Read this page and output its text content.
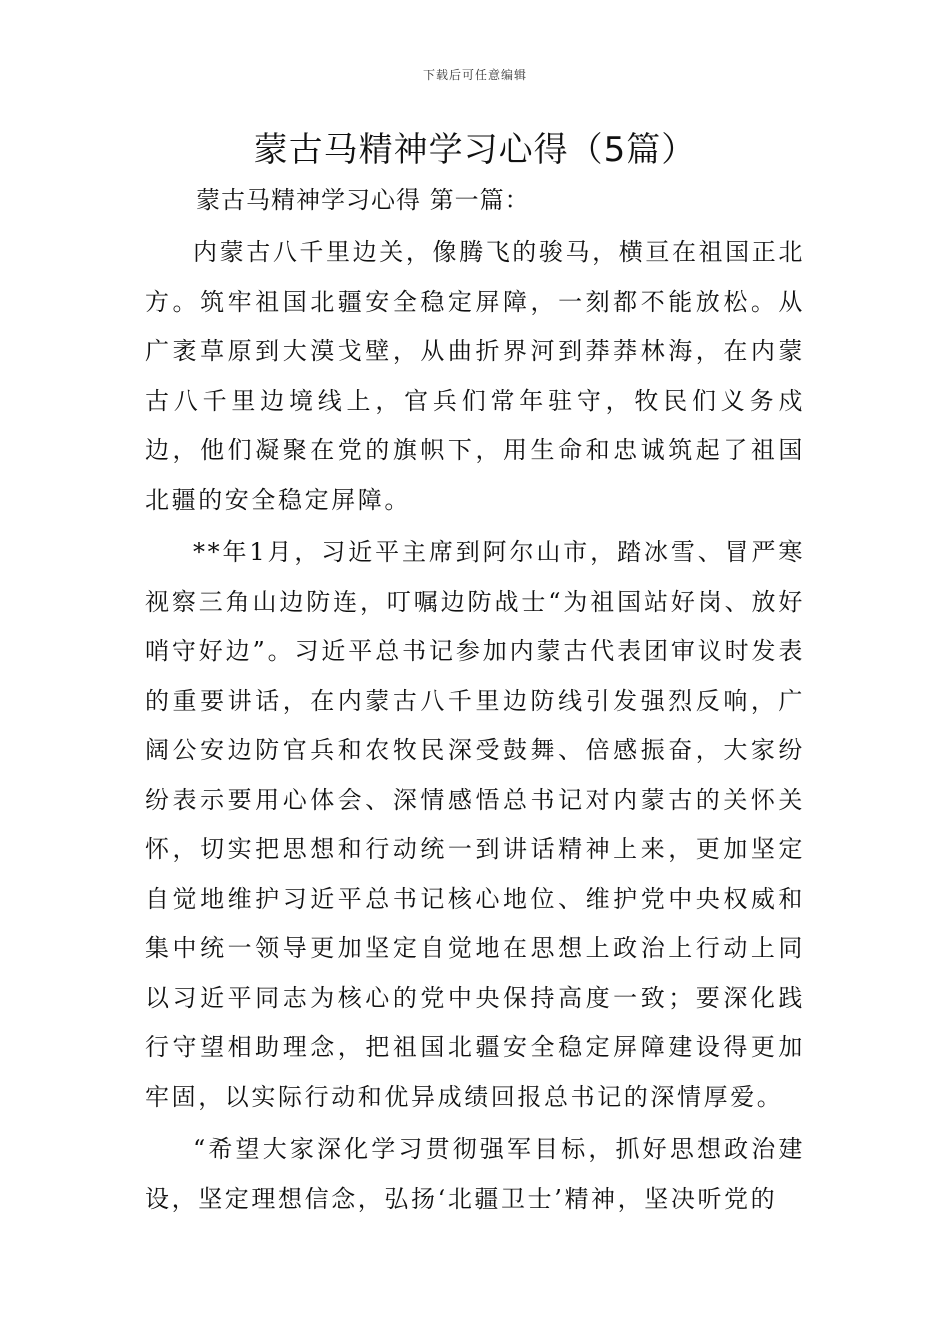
下载后可任意编辑
蒙古马精神学习心得（5篇）

蒙古马精神学习心得 第一篇：

内蒙古八千里边关，像腾飞的骏马，横亘在祖国正北方。筑牢祖国北疆安全稳定屏障，一刻都不能放松。从广袤草原到大漠戈壁，从曲折界河到莽莽林海，在内蒙古八千里边境线上，官兵们常年驻守，牧民们义务戍边，他们凝聚在党的旗帜下，用生命和忠诚筑起了祖国北疆的安全稳定屏障。

**年1月，习近平主席到阿尔山市，踏冰雪、冒严寒视察三角山边防连，叮嘱边防战士“为祖国站好岗、放好哨守好边”。习近平总书记参加内蒙古代表团审议时发表的重要讲话，在内蒙古八千里边防线引发强烈反响，广阔公安边防官兵和农牧民深受鼓舞、倍感振奋，大家纷纷表示要用心体会、深情感悟总书记对内蒙古的关怀关怀，切实把思想和行动统一到讲话精神上来，更加坚定自觉地维护习近平总书记核心地位、维护党中央权威和集中统一领导更加坚定自觉地在思想上政治上行动上同以习近平同志为核心的党中央保持高度一致；要深化践行守望相助理念，把祖国北疆安全稳定屏障建设得更加牢固，以实际行动和优异成绩回报总书记的深情厚爱。

“希望大家深化学习贯彻强军目标，抓好思想政治建设，坚定理想信念，弘扬‘北疆卫士’精神，坚决听党的
